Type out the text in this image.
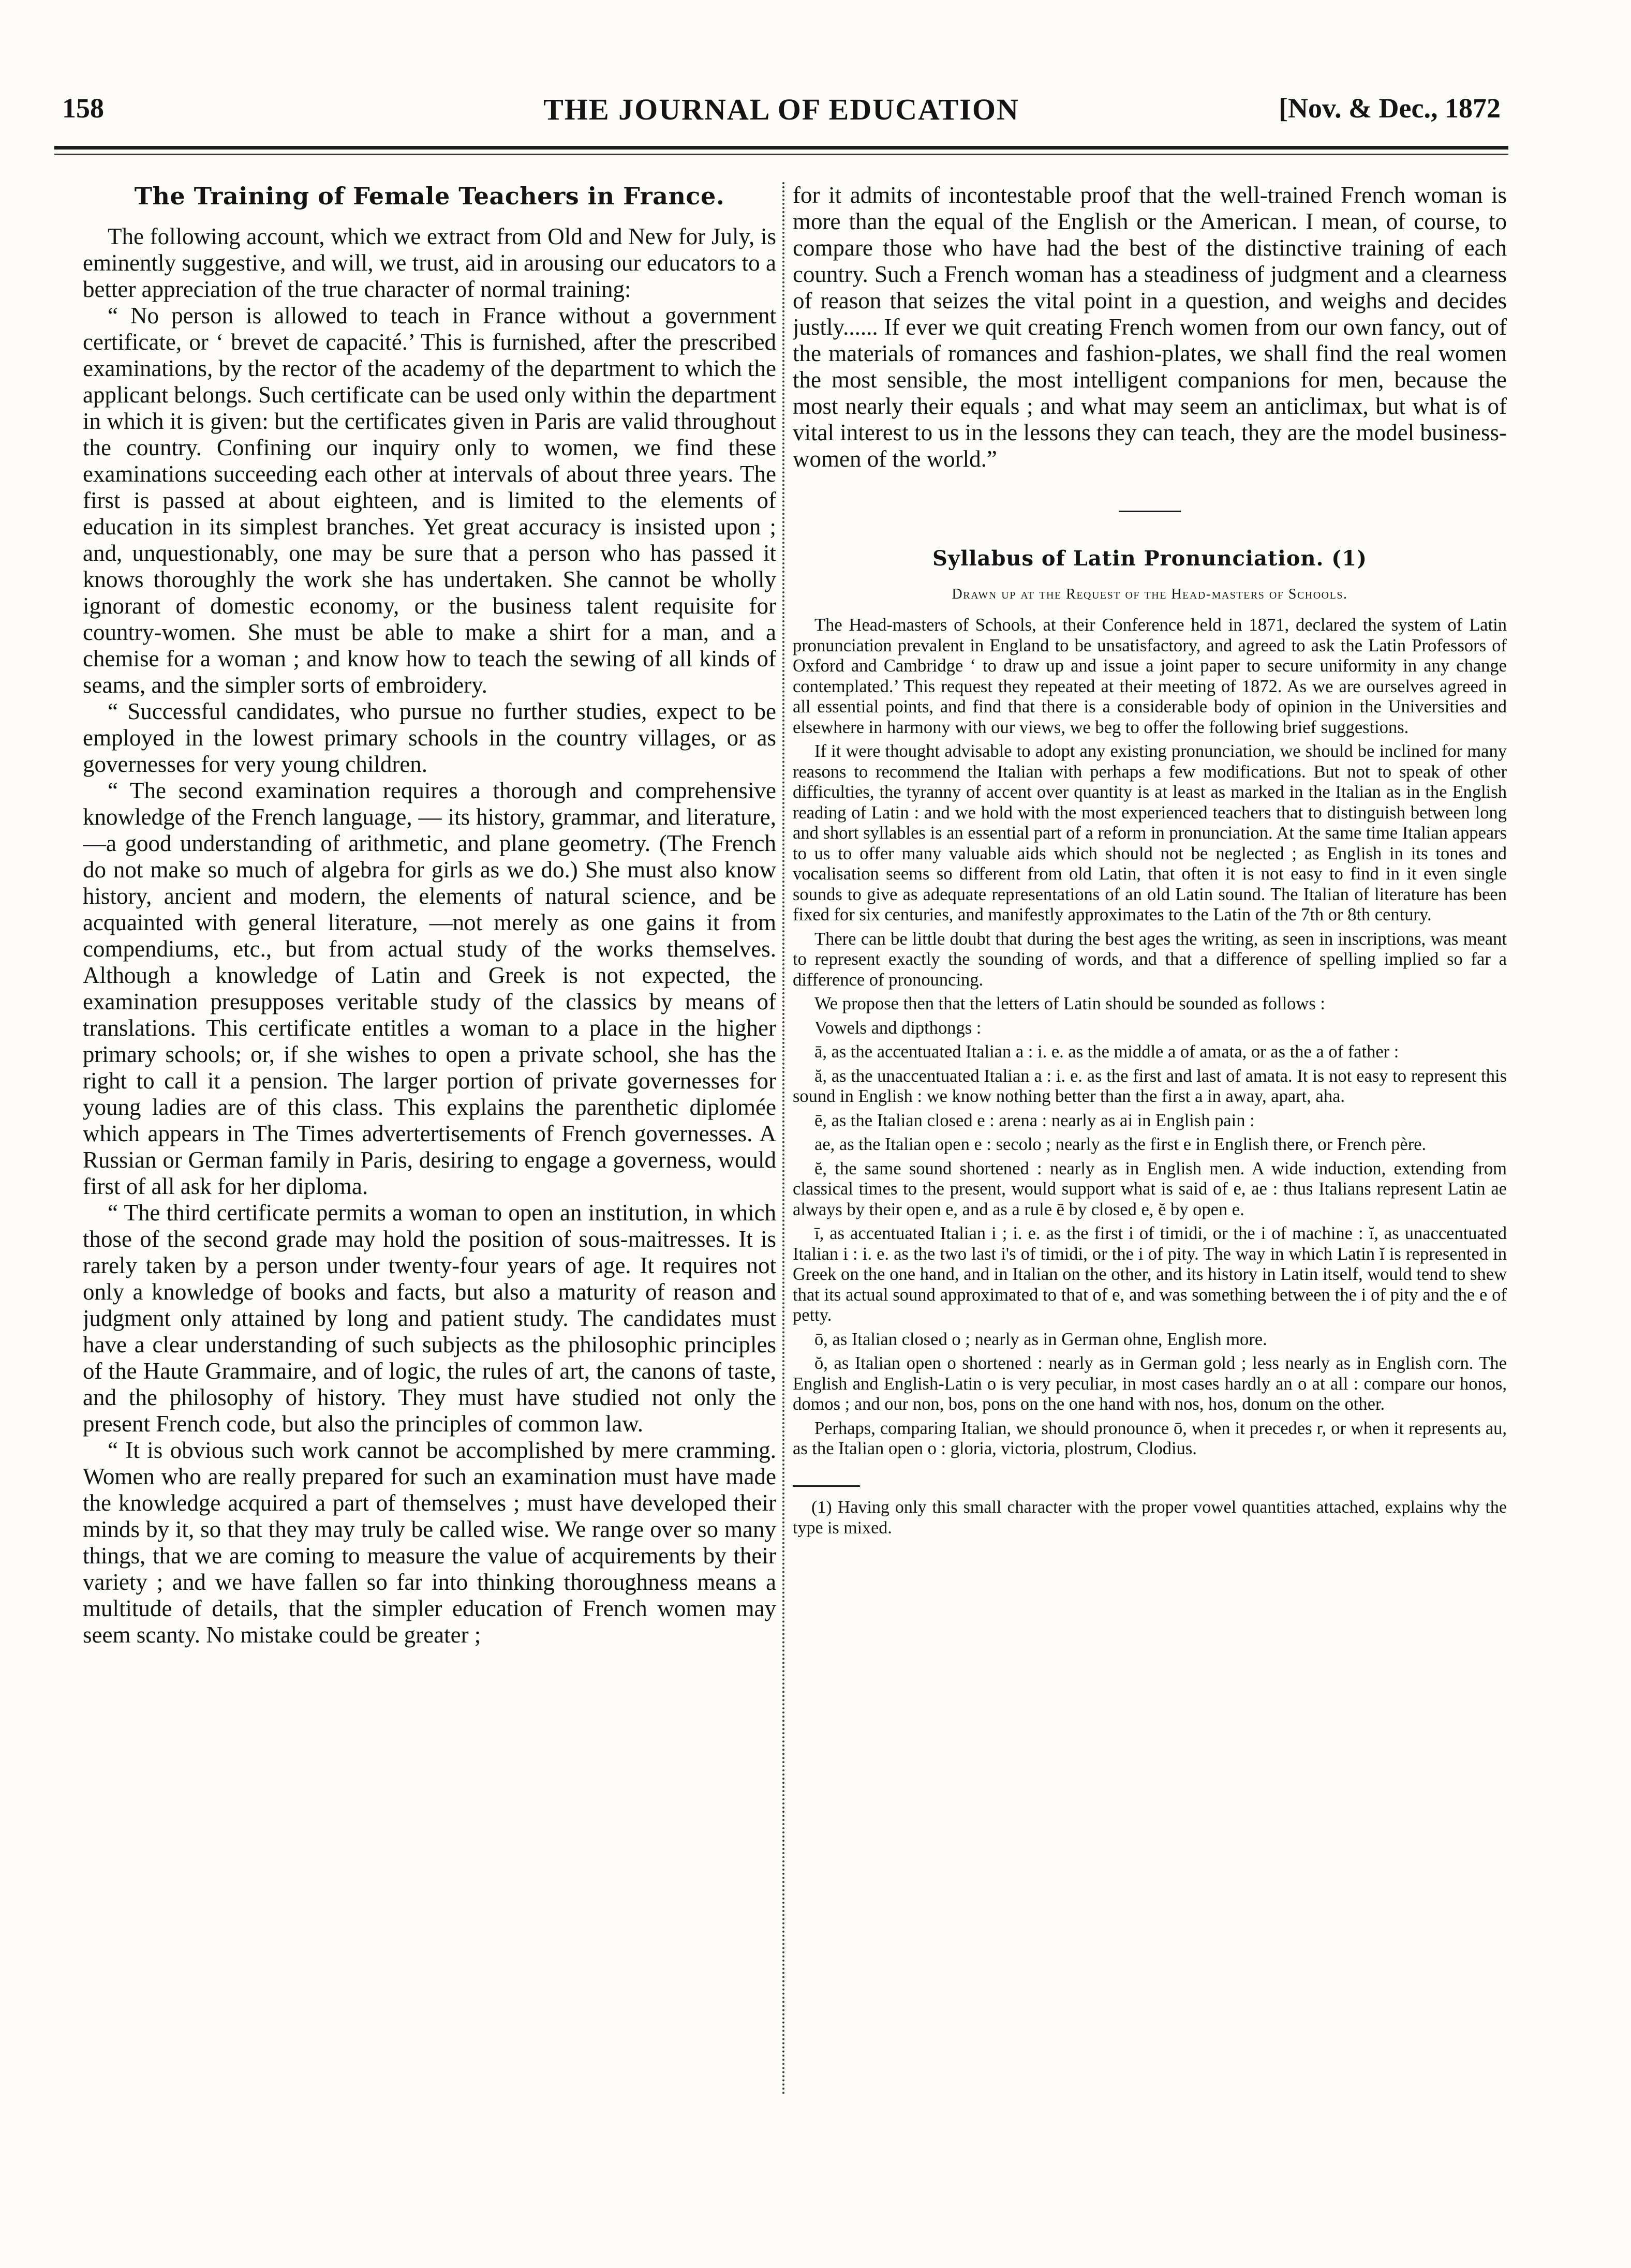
158	THE JOURNAL OF EDUCATION	[Nov. & Dec., 1872
The Training of Female Teachers in France.

The following account, which we extract from Old and New for July, is eminently suggestive, and will, we trust, aid in arousing our educators to a better appreciation of the true character of normal training:

“ No person is allowed to teach in France without a government certificate, or ‘ brevet de capacité.’ This is furnished, after the prescribed examinations, by the rector of the academy of the department to which the applicant belongs. Such certificate can be used only within the department in which it is given: but the certificates given in Paris are valid throughout the country. Confining our inquiry only to women, we find these examinations succeeding each other at intervals of about three years. The first is passed at about eighteen, and is limited to the elements of education in its simplest branches. Yet great accuracy is insisted upon ; and, unquestionably, one may be sure that a person who has passed it knows thoroughly the work she has undertaken. She cannot be wholly ignorant of domestic economy, or the business talent requisite for country-women. She must be able to make a shirt for a man, and a chemise for a woman ; and know how to teach the sewing of all kinds of seams, and the simpler sorts of embroidery.

“ Successful candidates, who pursue no further studies, expect to be employed in the lowest primary schools in the country villages, or as governesses for very young children.

“ The second examination requires a thorough and comprehensive knowledge of the French language, — its history, grammar, and literature,—a good understanding of arithmetic, and plane geometry. (The French do not make so much of algebra for girls as we do.) She must also know history, ancient and modern, the elements of natural science, and be acquainted with general literature, —not merely as one gains it from compendiums, etc., but from actual study of the works themselves. Although a knowledge of Latin and Greek is not expected, the examination presupposes veritable study of the classics by means of translations. This certificate entitles a woman to a place in the higher primary schools; or, if she wishes to open a private school, she has the right to call it a pension. The larger portion of private governesses for young ladies are of this class. This explains the parenthetic diplomée which appears in The Times advertertisements of French governesses. A Russian or German family in Paris, desiring to engage a governess, would first of all ask for her diploma.

“ The third certificate permits a woman to open an institution, in which those of the second grade may hold the position of sous-maitresses. It is rarely taken by a person under twenty-four years of age. It requires not only a knowledge of books and facts, but also a maturity of reason and judgment only attained by long and patient study. The candidates must have a clear understanding of such subjects as the philosophic principles of the Haute Grammaire, and of logic, the rules of art, the canons of taste, and the philosophy of history. They must have studied not only the present French code, but also the principles of common law.

“ It is obvious such work cannot be accomplished by mere cramming. Women who are really prepared for such an examination must have made the knowledge acquired a part of themselves ; must have developed their minds by it, so that they may truly be called wise. We range over so many things, that we are coming to measure the value of acquirements by their variety ; and we have fallen so far into thinking thoroughness means a multitude of details, that the simpler education of French women may seem scanty. No mistake could be greater ;

for it admits of incontestable proof that the well-trained French woman is more than the equal of the English or the American. I mean, of course, to compare those who have had the best of the distinctive training of each country. Such a French woman has a steadiness of judgment and a clearness of reason that seizes the vital point in a question, and weighs and decides justly...... If ever we quit creating French women from our own fancy, out of the materials of romances and fashion-plates, we shall find the real women the most sensible, the most intelligent companions for men, because the most nearly their equals ; and what may seem an anticlimax, but what is of vital interest to us in the lessons they can teach, they are the model business-women of the world.”

Syllabus of Latin Pronunciation. (1)
Drawn up at the Request of the Head-masters of Schools.

The Head-masters of Schools, at their Conference held in 1871, declared the system of Latin pronunciation prevalent in England to be unsatisfactory, and agreed to ask the Latin Professors of Oxford and Cambridge ‘ to draw up and issue a joint paper to secure uniformity in any change contemplated.’ This request they repeated at their meeting of 1872. As we are ourselves agreed in all essential points, and find that there is a considerable body of opinion in the Universities and elsewhere in harmony with our views, we beg to offer the following brief suggestions.

If it were thought advisable to adopt any existing pronunciation, we should be inclined for many reasons to recommend the Italian with perhaps a few modifications. But not to speak of other difficulties, the tyranny of accent over quantity is at least as marked in the Italian as in the English reading of Latin : and we hold with the most experienced teachers that to distinguish between long and short syllables is an essential part of a reform in pronunciation. At the same time Italian appears to us to offer many valuable aids which should not be neglected ; as English in its tones and vocalisation seems so different from old Latin, that often it is not easy to find in it even single sounds to give as adequate representations of an old Latin sound. The Italian of literature has been fixed for six centuries, and manifestly approximates to the Latin of the 7th or 8th century.

There can be little doubt that during the best ages the writing, as seen in inscriptions, was meant to represent exactly the sounding of words, and that a difference of spelling implied so far a difference of pronouncing.

We propose then that the letters of Latin should be sounded as follows :

Vowels and dipthongs :

ā, as the accentuated Italian a : i. e. as the middle a of amata, or as the a of father :

ă, as the unaccentuated Italian a : i. e. as the first and last of amata. It is not easy to represent this sound in English : we know nothing better than the first a in away, apart, aha.

ē, as the Italian closed e : arena : nearly as ai in English pain :

ae, as the Italian open e : secolo ; nearly as the first e in English there, or French père.

ĕ, the same sound shortened : nearly as in English men. A wide induction, extending from classical times to the present, would support what is said of e, ae : thus Italians represent Latin ae always by their open e, and as a rule ē by closed e, ĕ by open e.

ī, as accentuated Italian i ; i. e. as the first i of timidi, or the i of machine : ĭ, as unaccentuated Italian i : i. e. as the two last i's of timidi, or the i of pity. The way in which Latin ĭ is represented in Greek on the one hand, and in Italian on the other, and its history in Latin itself, would tend to shew that its actual sound approximated to that of e, and was something between the i of pity and the e of petty.

ō, as Italian closed o ; nearly as in German ohne, English more.

ŏ, as Italian open o shortened : nearly as in German gold ; less nearly as in English corn. The English and English-Latin o is very peculiar, in most cases hardly an o at all : compare our honos, domos ; and our non, bos, pons on the one hand with nos, hos, donum on the other.

Perhaps, comparing Italian, we should pronounce ō, when it precedes r, or when it represents au, as the Italian open o : gloria, victoria, plostrum, Clodius.

(1) Having only this small character with the proper vowel quantities attached, explains why the type is mixed.
